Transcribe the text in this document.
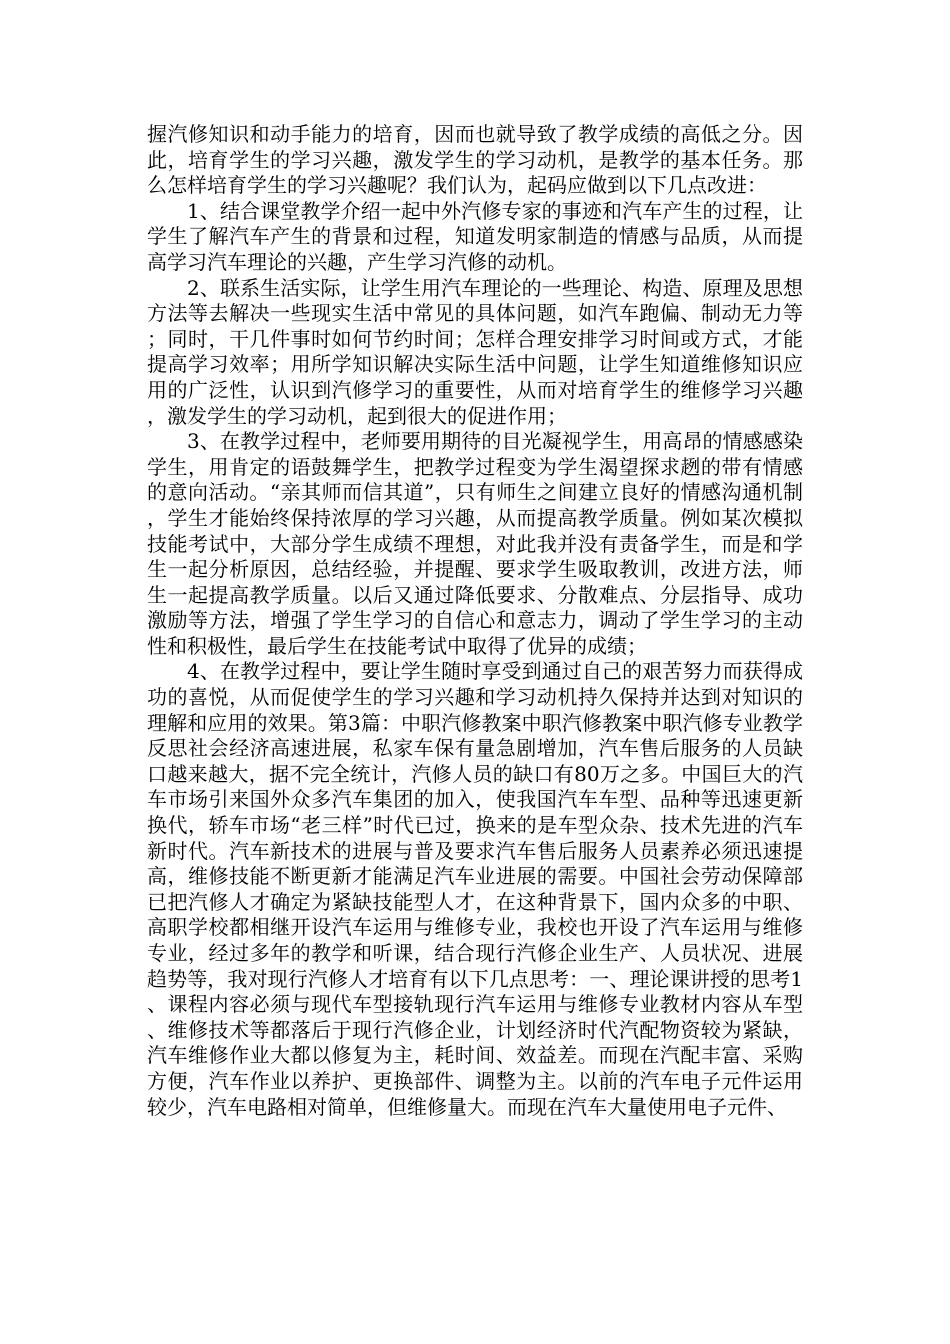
握汽修知识和动手能力的培育，因而也就导致了教学成绩的高低之分。因此，培育学生的学习兴趣，激发学生的学习动机，是教学的基本任务。那么怎样培育学生的学习兴趣呢？我们认为，起码应做到以下几点改进：

1、结合课堂教学介绍一起中外汽修专家的事迹和汽车产生的过程，让学生了解汽车产生的背景和过程，知道发明家制造的情感与品质，从而提高学习汽车理论的兴趣，产生学习汽修的动机。

2、联系生活实际，让学生用汽车理论的一些理论、构造、原理及思想方法等去解决一些现实生活中常见的具体问题，如汽车跑偏、制动无力等；同时，干几件事时如何节约时间；怎样合理安排学习时间或方式，才能提高学习效率；用所学知识解决实际生活中问题，让学生知道维修知识应用的广泛性，认识到汽修学习的重要性，从而对培育学生的维修学习兴趣，激发学生的学习动机，起到很大的促进作用；

3、在教学过程中，老师要用期待的目光凝视学生，用高昂的情感感染学生，用肯定的语鼓舞学生，把教学过程变为学生渴望探求趔的带有情感的意向活动。“亲其师而信其道”，只有师生之间建立良好的情感沟通机制，学生才能始终保持浓厚的学习兴趣，从而提高教学质量。例如某次模拟技能考试中，大部分学生成绩不理想，对此我并没有责备学生，而是和学生一起分析原因，总结经验，并提醒、要求学生吸取教训，改进方法，师生一起提高教学质量。以后又通过降低要求、分散难点、分层指导、成功激励等方法，增强了学生学习的自信心和意志力，调动了学生学习的主动性和积极性，最后学生在技能考试中取得了优异的成绩；

4、在教学过程中，要让学生随时享受到通过自己的艰苦努力而获得成功的喜悦，从而促使学生的学习兴趣和学习动机持久保持并达到对知识的理解和应用的效果。第3篇：中职汽修教案中职汽修教案中职汽修专业教学反思社会经济高速进展，私家车保有量急剧增加，汽车售后服务的人员缺口越来越大，据不完全统计，汽修人员的缺口有80万之多。中国巨大的汽车市场引来国外众多汽车集团的加入，使我国汽车车型、品种等迅速更新换代，轿车市场“老三样”时代已过，换来的是车型众杂、技术先进的汽车新时代。汽车新技术的进展与普及要求汽车售后服务人员素养必须迅速提高，维修技能不断更新才能满足汽车业进展的需要。中国社会劳动保障部已把汽修人才确定为紧缺技能型人才，在这种背景下，国内众多的中职、高职学校都相继开设汽车运用与维修专业，我校也开设了汽车运用与维修专业，经过多年的教学和听课，结合现行汽修企业生产、人员状况、进展趋势等，我对现行汽修人才培育有以下几点思考：一、理论课讲授的思考1、课程内容必须与现代车型接轨现行汽车运用与维修专业教材内容从车型、维修技术等都落后于现行汽修企业，计划经济时代汽配物资较为紧缺，汽车维修作业大都以修复为主，耗时间、效益差。而现在汽配丰富、采购方便，汽车作业以养护、更换部件、调整为主。以前的汽车电子元件运用较少，汽车电路相对简单，但维修量大。而现在汽车大量使用电子元件、
